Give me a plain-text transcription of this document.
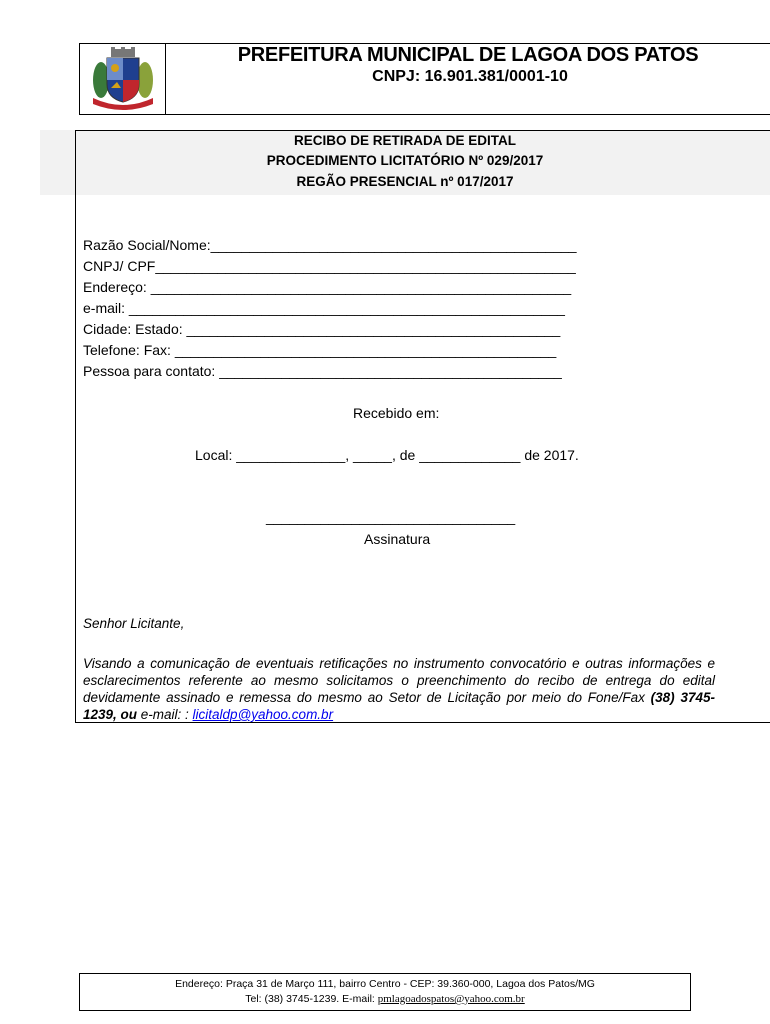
PREFEITURA MUNICIPAL DE LAGOA DOS PATOS
CNPJ: 16.901.381/0001-10
RECIBO DE RETIRADA DE EDITAL
PROCEDIMENTO LICITATÓRIO Nº 029/2017
REGÃO PRESENCIAL nº 017/2017
Razão Social/Nome:_______________________________________________
CNPJ/ CPF______________________________________________________
Endereço: ______________________________________________________
e-mail: ________________________________________________________
Cidade: Estado: ________________________________________________
Telefone: Fax: _________________________________________________
Pessoa para contato: ____________________________________________
Recebido em:
Local: ______________, _____, de _____________ de 2017.
________________________________
Assinatura
Senhor Licitante,
Visando a comunicação de eventuais retificações no instrumento convocatório e outras informações e esclarecimentos referente ao mesmo solicitamos o preenchimento do recibo de entrega do edital devidamente assinado e remessa do mesmo ao Setor de Licitação por meio do Fone/Fax (38) 3745-1239, ou e-mail: : licitaldp@yahoo.com.br
Endereço: Praça 31 de Março 111, bairro Centro - CEP: 39.360-000, Lagoa dos Patos/MG
Tel: (38) 3745-1239. E-mail: pmlagoadospatos@yahoo.com.br
